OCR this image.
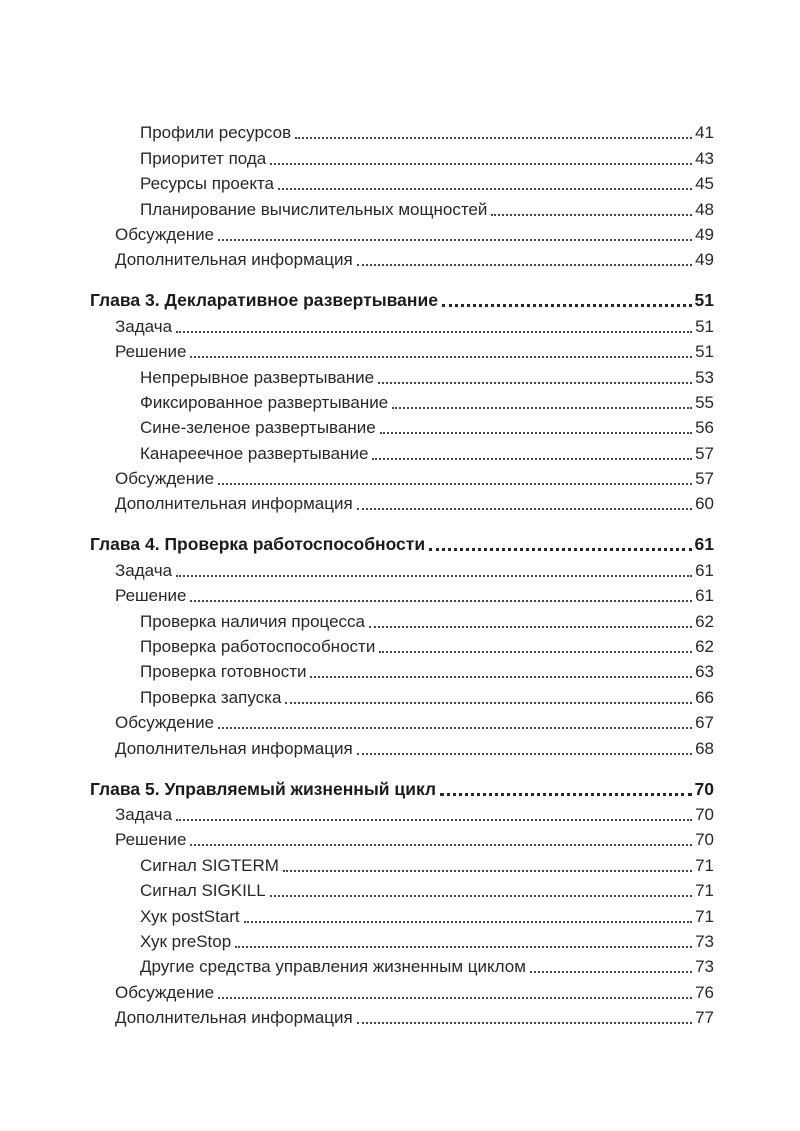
Профили ресурсов	41
Приоритет пода	43
Ресурсы проекта	45
Планирование вычислительных мощностей	48
Обсуждение	49
Дополнительная информация	49
Глава 3. Декларативное развертывание	51
Задача	51
Решение	51
Непрерывное развертывание	53
Фиксированное развертывание	55
Сине-зеленое развертывание	56
Канареечное развертывание	57
Обсуждение	57
Дополнительная информация	60
Глава 4. Проверка работоспособности	61
Задача	61
Решение	61
Проверка наличия процесса	62
Проверка работоспособности	62
Проверка готовности	63
Проверка запуска	66
Обсуждение	67
Дополнительная информация	68
Глава 5. Управляемый жизненный цикл	70
Задача	70
Решение	70
Сигнал SIGTERM	71
Сигнал SIGKILL	71
Хук postStart	71
Хук preStop	73
Другие средства управления жизненным циклом	73
Обсуждение	76
Дополнительная информация	77
